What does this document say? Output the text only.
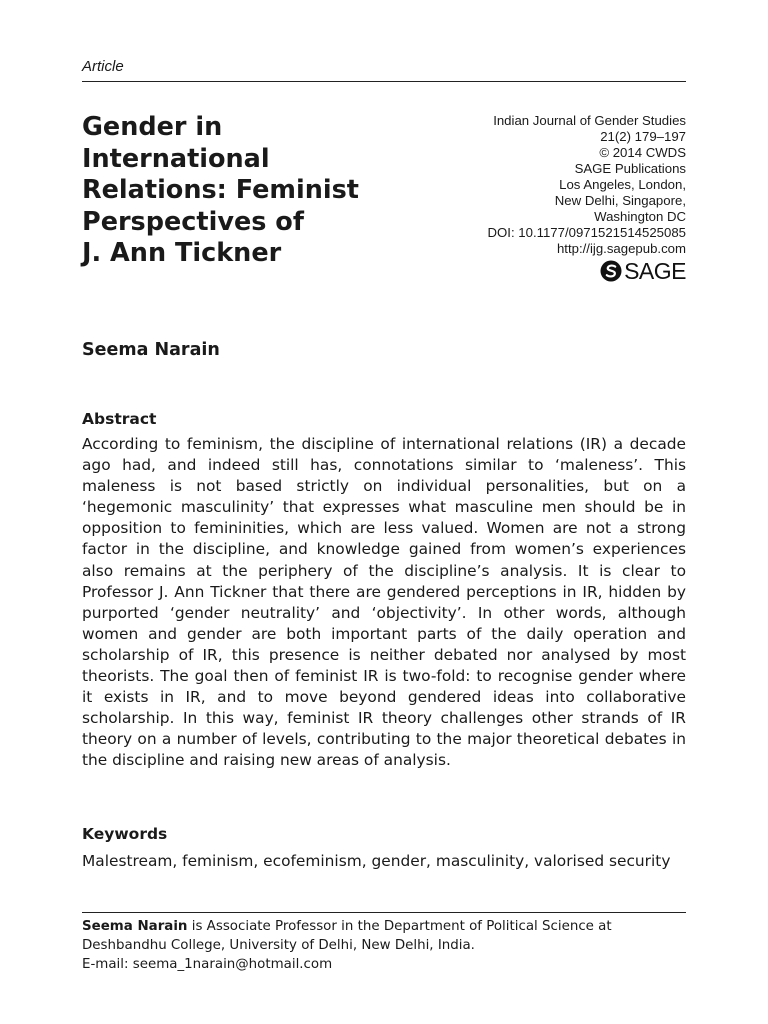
Article
Gender in
International
Relations: Feminist
Perspectives of
J. Ann Tickner
Indian Journal of Gender Studies
21(2) 179–197
© 2014 CWDS
SAGE Publications
Los Angeles, London,
New Delhi, Singapore,
Washington DC
DOI: 10.1177/0971521514525085
http://ijg.sagepub.com
SAGE
Seema Narain
Abstract

According to feminism, the discipline of international relations (IR) a decade ago had, and indeed still has, connotations similar to ‘maleness’. This maleness is not based strictly on individual personalities, but on a ‘hegemonic masculinity’ that expresses what masculine men should be in opposition to femininities, which are less valued. Women are not a strong factor in the discipline, and knowledge gained from women’s experiences also remains at the periphery of the discipline’s analysis. It is clear to Professor J. Ann Tickner that there are gendered perceptions in IR, hidden by purported ‘gender neutrality’ and ‘objectivity’. In other words, although women and gender are both important parts of the daily operation and scholarship of IR, this presence is neither debated nor analysed by most theorists. The goal then of feminist IR is two-fold: to recognise gender where it exists in IR, and to move beyond gendered ideas into collaborative scholarship. In this way, feminist IR theory challenges other strands of IR theory on a number of levels, contributing to the major theoretical debates in the discipline and raising new areas of analysis.

Keywords

Malestream, feminism, ecofeminism, gender, masculinity, valorised security

Seema Narain is Associate Professor in the Department of Political Science at Deshbandhu College, University of Delhi, New Delhi, India.
E-mail: seema_1narain@hotmail.com
